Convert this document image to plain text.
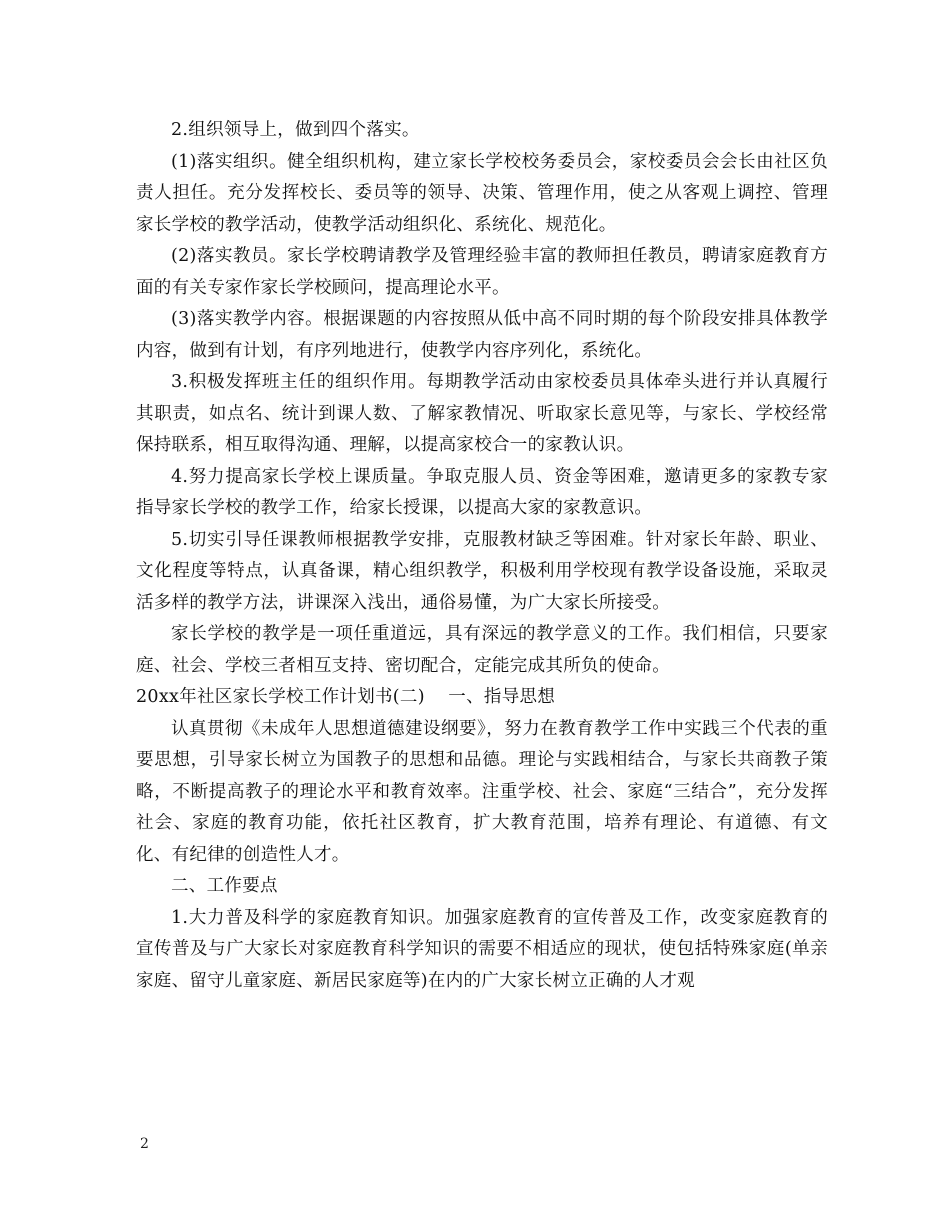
2.组织领导上，做到四个落实。

(1)落实组织。健全组织机构，建立家长学校校务委员会，家校委员会会长由社区负责人担任。充分发挥校长、委员等的领导、决策、管理作用，使之从客观上调控、管理家长学校的教学活动，使教学活动组织化、系统化、规范化。

(2)落实教员。家长学校聘请教学及管理经验丰富的教师担任教员，聘请家庭教育方面的有关专家作家长学校顾问，提高理论水平。

(3)落实教学内容。根据课题的内容按照从低中高不同时期的每个阶段安排具体教学内容，做到有计划，有序列地进行，使教学内容序列化，系统化。

3.积极发挥班主任的组织作用。每期教学活动由家校委员具体牵头进行并认真履行其职责，如点名、统计到课人数、了解家教情况、听取家长意见等，与家长、学校经常保持联系，相互取得沟通、理解，以提高家校合一的家教认识。

4.努力提高家长学校上课质量。争取克服人员、资金等困难，邀请更多的家教专家指导家长学校的教学工作，给家长授课，以提高大家的家教意识。

5.切实引导任课教师根据教学安排，克服教材缺乏等困难。针对家长年龄、职业、文化程度等特点，认真备课，精心组织教学，积极利用学校现有教学设备设施，采取灵活多样的教学方法，讲课深入浅出，通俗易懂，为广大家长所接受。

家长学校的教学是一项任重道远，具有深远的教学意义的工作。我们相信，只要家庭、社会、学校三者相互支持、密切配合，定能完成其所负的使命。

20xx年社区家长学校工作计划书(二)    一、指导思想

认真贯彻《未成年人思想道德建设纲要》，努力在教育教学工作中实践三个代表的重要思想，引导家长树立为国教子的思想和品德。理论与实践相结合，与家长共商教子策略，不断提高教子的理论水平和教育效率。注重学校、社会、家庭“三结合”，充分发挥社会、家庭的教育功能，依托社区教育，扩大教育范围，培养有理论、有道德、有文化、有纪律的创造性人才。

二、工作要点

1.大力普及科学的家庭教育知识。加强家庭教育的宣传普及工作，改变家庭教育的宣传普及与广大家长对家庭教育科学知识的需要不相适应的现状，使包括特殊家庭(单亲家庭、留守儿童家庭、新居民家庭等)在内的广大家长树立正确的人才观

2
